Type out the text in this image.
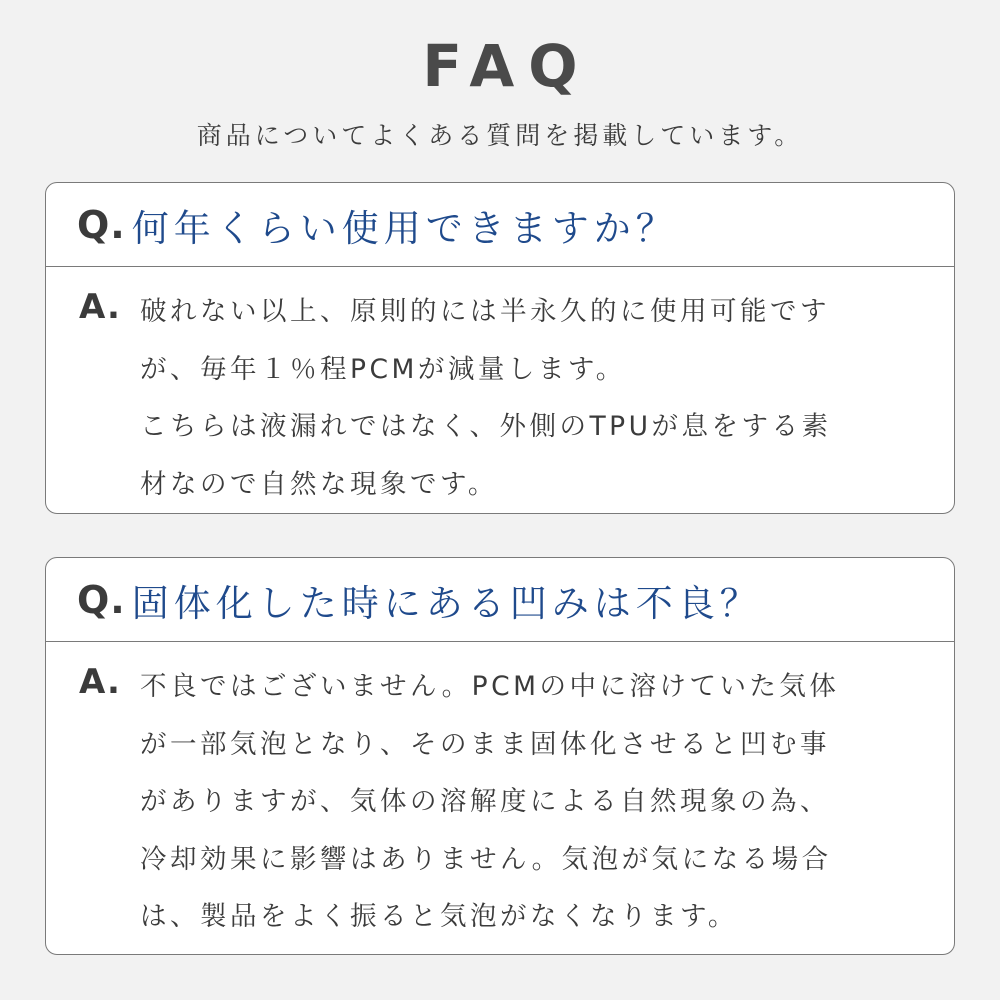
FAQ
商品についてよくある質問を掲載しています。
Q. 何年くらい使用できますか？
A. 破れない以上、原則的には半永久的に使用可能です
が、毎年１％程PCMが減量します。
こちらは液漏れではなく、外側のTPUが息をする素
材なので自然な現象です。
Q. 固体化した時にある凹みは不良？
A. 不良ではございません。PCMの中に溶けていた気体
が一部気泡となり、そのまま固体化させると凹む事
がありますが、気体の溶解度による自然現象の為、
冷却効果に影響はありません。気泡が気になる場合
は、製品をよく振ると気泡がなくなります。
